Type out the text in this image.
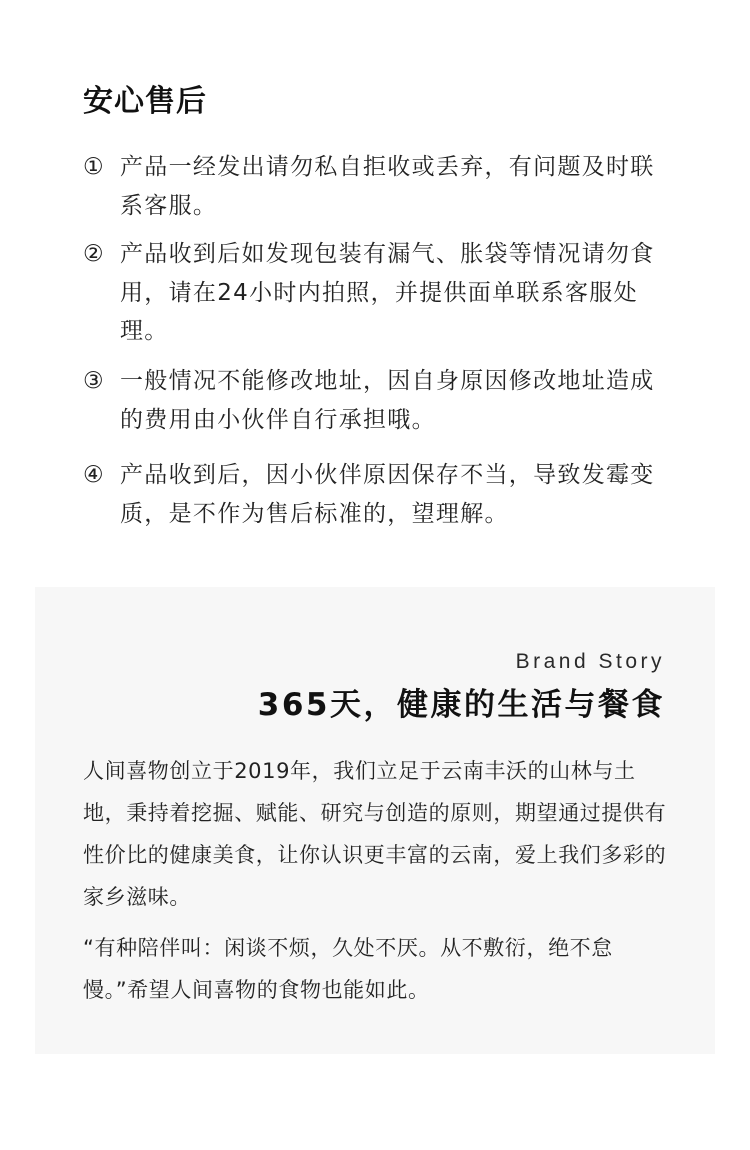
安心售后
① 产品一经发出请勿私自拒收或丢弃，有问题及时联系客服。
② 产品收到后如发现包装有漏气、胀袋等情况请勿食用，请在24小时内拍照，并提供面单联系客服处理。
③ 一般情况不能修改地址，因自身原因修改地址造成的费用由小伙伴自行承担哦。
④ 产品收到后，因小伙伴原因保存不当，导致发霉变质，是不作为售后标准的，望理解。
Brand Story
365天，健康的生活与餐食

人间喜物创立于2019年，我们立足于云南丰沃的山林与土地，秉持着挖掘、赋能、研究与创造的原则，期望通过提供有性价比的健康美食，让你认识更丰富的云南，爱上我们多彩的家乡滋味。

“有种陪伴叫：闲谈不烦，久处不厌。从不敷衍，绝不怠慢。”希望人间喜物的食物也能如此。
